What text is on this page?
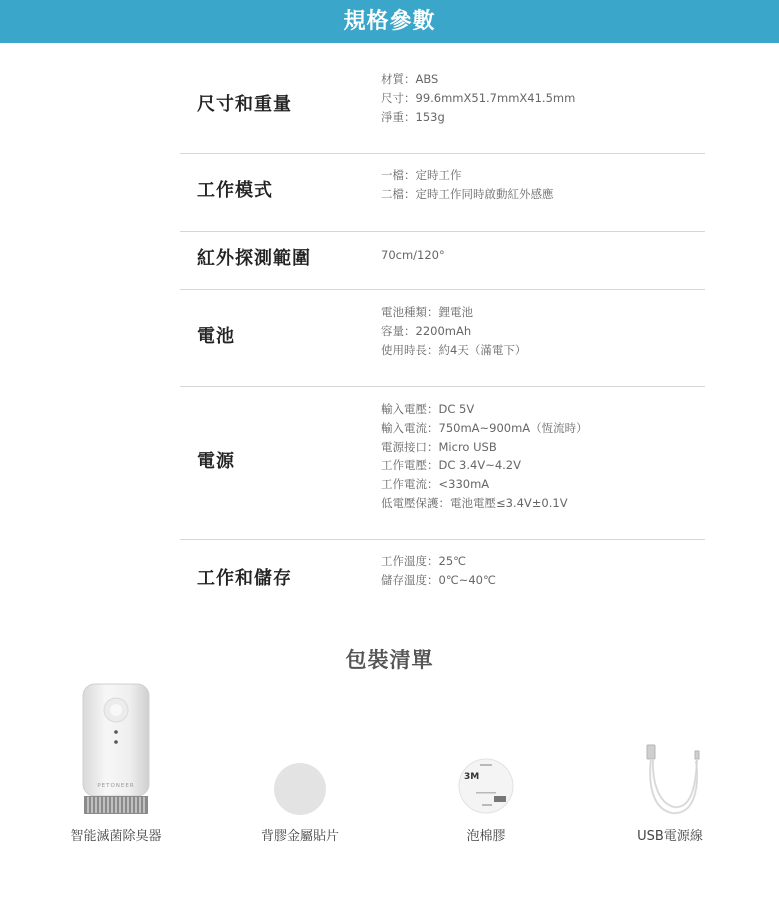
規格參數
尺寸和重量
材質：ABS
尺寸：99.6mmX51.7mmX41.5mm
淨重：153g
工作模式
一檔：定時工作
二檔：定時工作同時啟動紅外感應
紅外探測範圍	70cm/120°
電池
電池種類：鋰電池
容量：2200mAh
使用時長：約4天（滿電下）
電源
輸入電壓：DC 5V
輸入電流：750mA~900mA（恆流時）
電源接口：Micro USB
工作電壓：DC 3.4V~4.2V
工作電流：<330mA
低電壓保護：電池電壓≤3.4V±0.1V
工作和儲存
工作溫度：25℃
儲存溫度：0℃~40℃
包裝清單
PETONEER
智能滅菌除臭器	背膠金屬貼片
3M
泡棉膠	USB電源線
